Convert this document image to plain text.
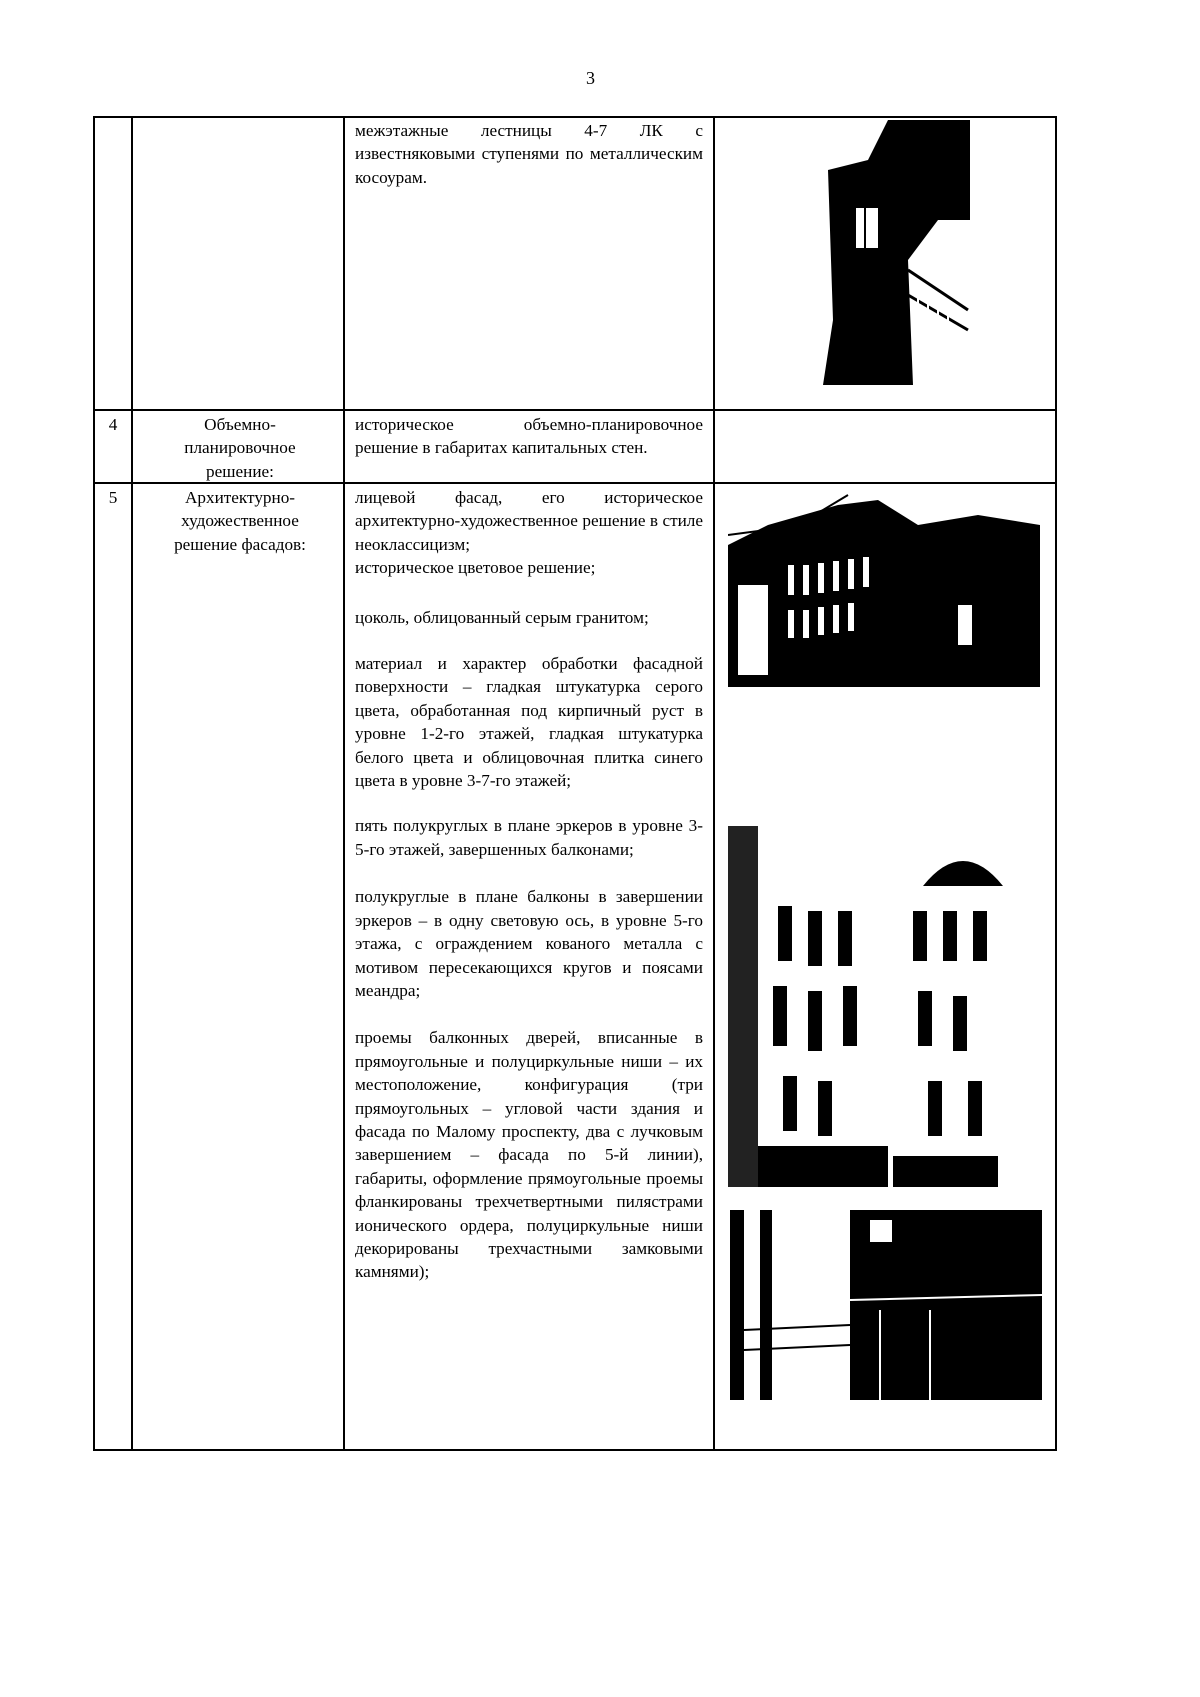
3

межэтажные лестницы 4-7 ЛК с известняковыми ступенями по металлическим косоурам.

4	Объемно-планировочное решение:

историческое объемно-планировочное решение в габаритах капитальных стен.

5	Архитектурно-художественное решение фасадов:

лицевой фасад, его историческое архитектурно-художественное решение в стиле неоклассицизм;

историческое цветовое решение;

цоколь, облицованный серым гранитом;

материал и характер обработки фасадной поверхности – гладкая штукатурка серого цвета, обработанная под кирпичный руст в уровне 1-2-го этажей, гладкая штукатурка белого цвета и облицовочная плитка синего цвета в уровне 3-7-го этажей;

пять полукруглых в плане эркеров в уровне 3-5-го этажей, завершенных балконами;

полукруглые в плане балконы в завершении эркеров – в одну световую ось, в уровне 5-го этажа, с ограждением кованого металла с мотивом пересекающихся кругов и поясами меандра;

проемы балконных дверей, вписанные в прямоугольные и полуциркульные ниши – их местоположение, конфигурация (три прямоугольных – угловой части здания и фасада по Малому проспекту, два с лучковым завершением – фасада по 5-й линии), габариты, оформление прямоугольные проемы фланкированы трехчетвертными пилястрами ионического ордера, полуциркульные ниши декорированы трехчастными замковыми камнями);
